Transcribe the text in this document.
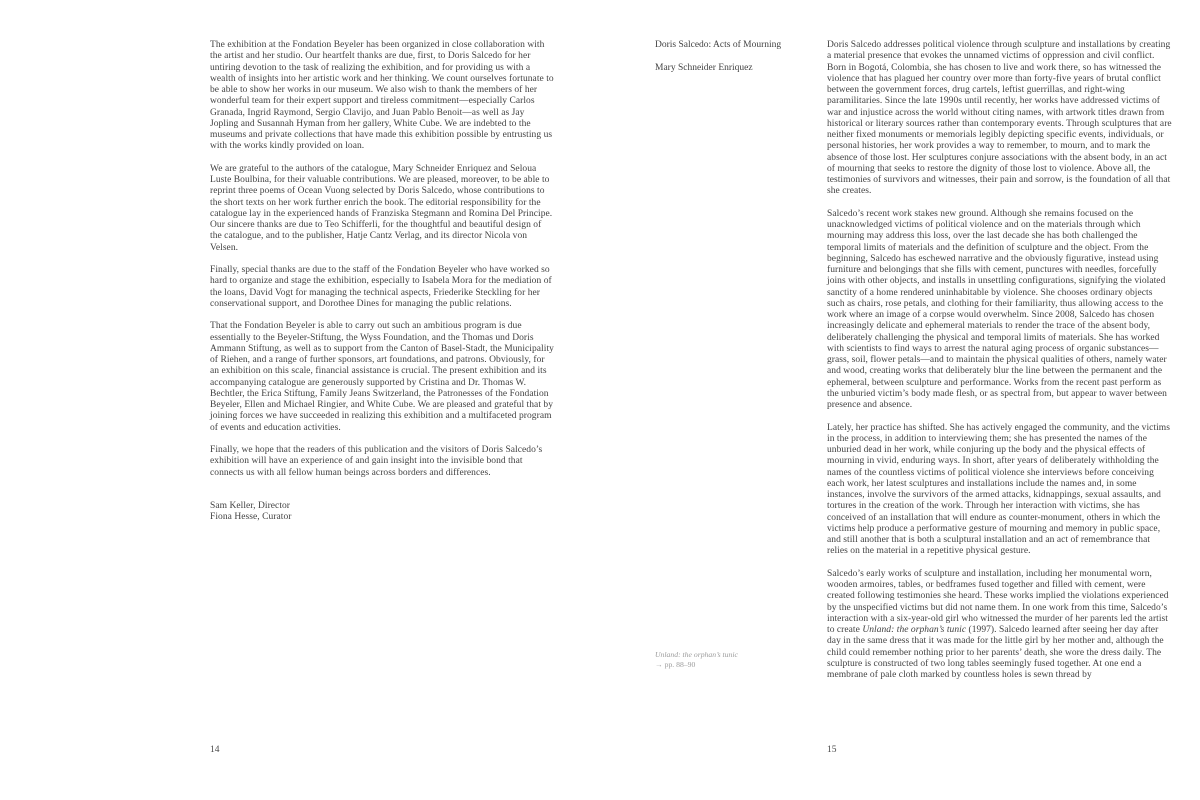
The exhibition at the Fondation Beyeler has been organized in close collaboration with the artist and her studio. Our heartfelt thanks are due, first, to Doris Salcedo for her untiring devotion to the task of realizing the exhibition, and for providing us with a wealth of insights into her artistic work and her thinking. We count ourselves fortunate to be able to show her works in our museum. We also wish to thank the members of her wonderful team for their expert support and tireless commitment—especially Carlos Granada, Ingrid Raymond, Sergio Clavijo, and Juan Pablo Benoit—as well as Jay Jopling and Susannah Hyman from her gallery, White Cube. We are indebted to the museums and private collections that have made this exhibition possible by entrusting us with the works kindly provided on loan.

We are grateful to the authors of the catalogue, Mary Schneider Enriquez and Seloua Luste Boulbina, for their valuable contributions. We are pleased, moreover, to be able to reprint three poems of Ocean Vuong selected by Doris Salcedo, whose contributions to the short texts on her work further enrich the book. The editorial responsibility for the catalogue lay in the experienced hands of Franziska Stegmann and Romina Del Principe. Our sincere thanks are due to Teo Schifferli, for the thoughtful and beautiful design of the catalogue, and to the publisher, Hatje Cantz Verlag, and its director Nicola von Velsen.

Finally, special thanks are due to the staff of the Fondation Beyeler who have worked so hard to organize and stage the exhibition, especially to Isabela Mora for the mediation of the loans, David Vogt for managing the technical aspects, Friederike Steckling for her conservational support, and Dorothee Dines for managing the public relations.

That the Fondation Beyeler is able to carry out such an ambitious program is due essentially to the Beyeler-Stiftung, the Wyss Foundation, and the Thomas und Doris Ammann Stiftung, as well as to support from the Canton of Basel-Stadt, the Municipality of Riehen, and a range of further sponsors, art foundations, and patrons. Obviously, for an exhibition on this scale, financial assistance is crucial. The present exhibition and its accompanying catalogue are generously supported by Cristina and Dr. Thomas W. Bechtler, the Erica Stiftung, Family Jeans Switzerland, the Patronesses of the Fondation Beyeler, Ellen and Michael Ringier, and White Cube. We are pleased and grateful that by joining forces we have succeeded in realizing this exhibition and a multifaceted program of events and education activities.

Finally, we hope that the readers of this publication and the visitors of Doris Salcedo’s exhibition will have an experience of and gain insight into the invisible bond that connects us with all fellow human beings across borders and differences.

Sam Keller, Director

Fiona Hesse, Curator

14

Doris Salcedo: Acts of Mourning

Mary Schneider Enriquez

Doris Salcedo addresses political violence through sculpture and installations by creating a material presence that evokes the unnamed victims of oppression and civil conflict. Born in Bogotá, Colombia, she has chosen to live and work there, so has witnessed the violence that has plagued her country over more than forty-five years of brutal conflict between the government forces, drug cartels, leftist guerrillas, and right-wing paramilitaries. Since the late 1990s until recently, her works have addressed victims of war and injustice across the world without citing names, with artwork titles drawn from historical or literary sources rather than contemporary events. Through sculptures that are neither fixed monuments or memorials legibly depicting specific events, individuals, or personal histories, her work provides a way to remember, to mourn, and to mark the absence of those lost. Her sculptures conjure associations with the absent body, in an act of mourning that seeks to restore the dignity of those lost to violence. Above all, the testimonies of survivors and witnesses, their pain and sorrow, is the foundation of all that she creates.

Salcedo’s recent work stakes new ground. Although she remains focused on the unacknowledged victims of political violence and on the materials through which mourning may address this loss, over the last decade she has both challenged the temporal limits of materials and the definition of sculpture and the object. From the beginning, Salcedo has eschewed narrative and the obviously figurative, instead using furniture and belongings that she fills with cement, punctures with needles, forcefully joins with other objects, and installs in unsettling configurations, signifying the violated sanctity of a home rendered uninhabitable by violence. She chooses ordinary objects such as chairs, rose petals, and clothing for their familiarity, thus allowing access to the work where an image of a corpse would overwhelm. Since 2008, Salcedo has chosen increasingly delicate and ephemeral materials to render the trace of the absent body, deliberately challenging the physical and temporal limits of materials. She has worked with scientists to find ways to arrest the natural aging process of organic substances—grass, soil, flower petals—and to maintain the physical qualities of others, namely water and wood, creating works that deliberately blur the line between the permanent and the ephemeral, between sculpture and performance. Works from the recent past perform as the unburied victim’s body made flesh, or as spectral from, but appear to waver between presence and absence.

Lately, her practice has shifted. She has actively engaged the community, and the victims in the process, in addition to interviewing them; she has presented the names of the unburied dead in her work, while conjuring up the body and the physical effects of mourning in vivid, enduring ways. In short, after years of deliberately withholding the names of the countless victims of political violence she interviews before conceiving each work, her latest sculptures and installations include the names and, in some instances, involve the survivors of the armed attacks, kidnappings, sexual assaults, and tortures in the creation of the work. Through her interaction with victims, she has conceived of an installation that will endure as counter-monument, others in which the victims help produce a performative gesture of mourning and memory in public space, and still another that is both a sculptural installation and an act of remembrance that relies on the material in a repetitive physical gesture.

Salcedo’s early works of sculpture and installation, including her monumental worn, wooden armoires, tables, or bedframes fused together and filled with cement, were created following testimonies she heard. These works implied the violations experienced by the unspecified victims but did not name them. In one work from this time, Salcedo’s interaction with a six-year-old girl who witnessed the murder of her parents led the artist to create Unland: the orphan’s tunic (1997). Salcedo learned after seeing her day after day in the same dress that it was made for the little girl by her mother and, although the child could remember nothing prior to her parents’ death, she wore the dress daily. The sculpture is constructed of two long tables seemingly fused together. At one end a membrane of pale cloth marked by countless holes is sewn thread by

Unland: the orphan’s tunic

→ pp. 88–90

15
